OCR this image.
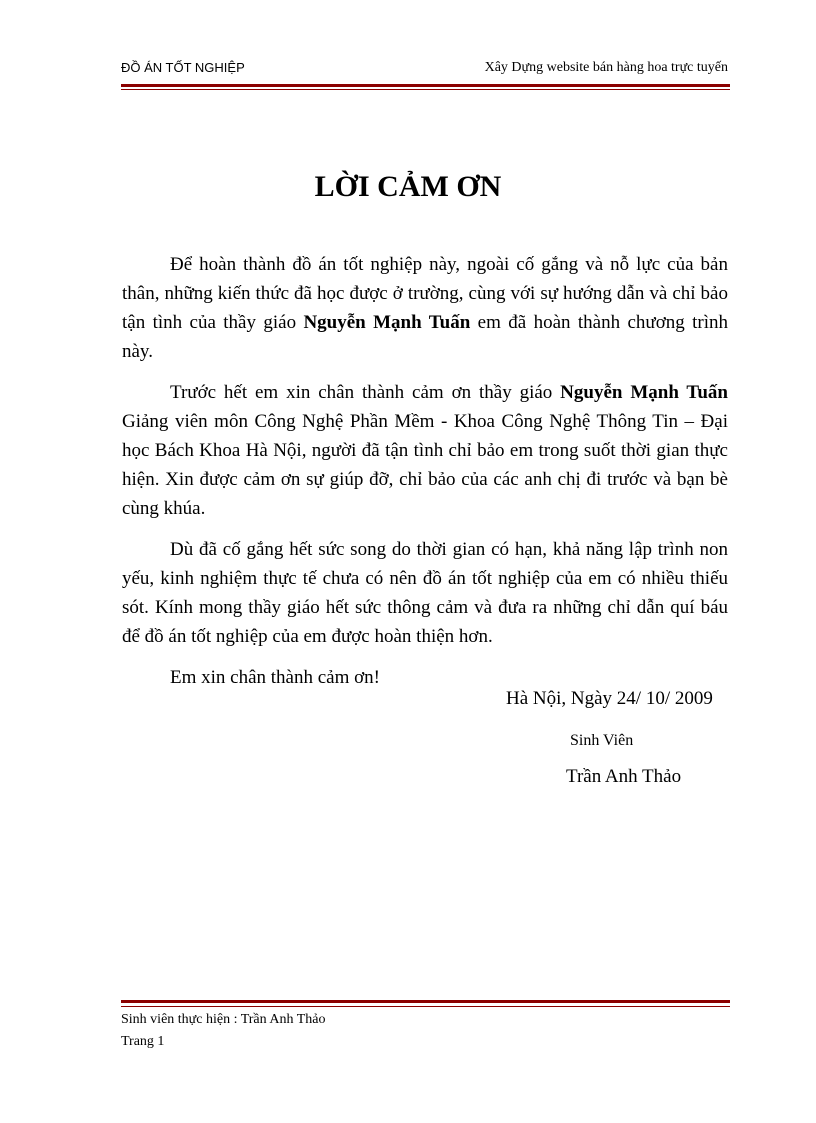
ĐỒ ÁN TỐT NGHIỆP	Xây Dựng website bán hàng hoa trực tuyến
LỜI CẢM ƠN

Để hoàn thành đồ án tốt nghiệp này, ngoài cố gắng và nỗ lực của bản thân, những kiến thức đã học được ở trường, cùng với sự hướng dẫn và chỉ bảo tận tình của thầy giáo Nguyễn Mạnh Tuấn em đã hoàn thành chương trình này.

Trước hết em xin chân thành cảm ơn thầy giáo Nguyễn Mạnh Tuấn Giảng viên môn Công Nghệ Phần Mềm - Khoa Công Nghệ Thông Tin – Đại học Bách Khoa Hà Nội, người đã tận tình chỉ bảo em trong suốt thời gian thực hiện. Xin được cảm ơn sự giúp đỡ, chỉ bảo của các anh chị đi trước và bạn bè cùng khúa.

Dù đã cố gắng hết sức song do thời gian có hạn, khả năng lập trình non yếu, kinh nghiệm thực tế chưa có nên đồ án tốt nghiệp của em có nhiều thiếu sót. Kính mong thầy giáo hết sức thông cảm và đưa ra những chỉ dẫn quí báu để đồ án tốt nghiệp của em được hoàn thiện hơn.

Em xin chân thành cảm ơn!

Hà Nội, Ngày 24/ 10/ 2009
Sinh Viên
Trần Anh Thảo
Sinh viên thực hiện : Trần Anh Thảo
Trang 1
